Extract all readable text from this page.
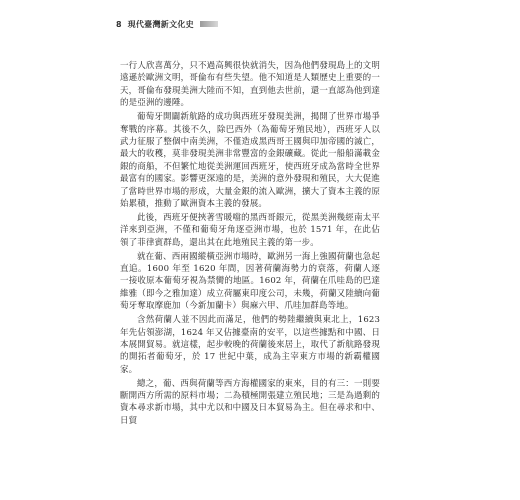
8 現代臺灣新文化史

一行人欣喜萬分，只不過高興很快就消失，因為他們發現島上的文明遠遜於歐洲文明，哥倫布有些失望。他不知道是人類歷史上重要的一天，哥倫布發現美洲大陸而不知，直到他去世前，還一直認為他到達的是亞洲的邊陲。

葡萄牙開闢新航路的成功與西班牙發現美洲，揭開了世界市場爭奪戰的序幕。其後不久，除巴西外（為葡萄牙殖民地），西班牙人以武力征服了整個中南美洲，不僅造成黑西哥王國與印加帝國的滅亡，最大的收穫，莫非發現美洲非常豐富的金銀礦藏。從此一船船滿載金銀的商船，不但繁忙地從美洲運回西班牙，使西班牙成為當時全世界最富有的國家。影響更深遠的是，美洲的意外發現和殖民，大大促進了當時世界市場的形成，大量金銀的流入歐洲，擴大了資本主義的原始累積，推動了歐洲資本主義的發展。

此後，西班牙便挾著雪暖噹的黑西哥銀元，從黑美洲幾經南太平洋來到亞洲，不僅和葡萄牙角逐亞洲市場，也於 1571 年，在此佔領了菲律賓群島，還出其在此地殖民主義的第一步。

就在葡、西兩國縱橫亞洲市場時，歐洲另一海上強國荷蘭也急起直追。1600 年至 1620 年間，因著荷蘭海勢力的衰落，荷蘭人逐一接收原本葡萄牙視為禁臠的地區。1602 年，荷蘭在爪哇島的巴達維雅（即今之雅加達）成立荷屬東印度公司，未幾，荷蘭又陸續向葡萄牙奪取摩鹿加（今新加蘭卡）與麻六甲、爪哇加群島等地。

含然荷蘭人並不因此而滿足，他們的勢陸繼續與東北上，1623 年先佔領澎湖，1624 年又佔據臺南的安平，以這些據點和中國、日本展開貿易。就這樣，起步較晚的荷蘭後來居上，取代了新航路發現的開拓者葡萄牙，於 17 世紀中葉，成為主宰東方市場的新霸權國家。

總之，葡、西與荷蘭等西方海權國家的東來，目的有三：一則要斷開西方所需的原料市場；二為積極開張建立殖民地；三是為過剩的資本尋求新市場，其中尤以和中國及日本貿易為主。但在尋求和中、日貿
